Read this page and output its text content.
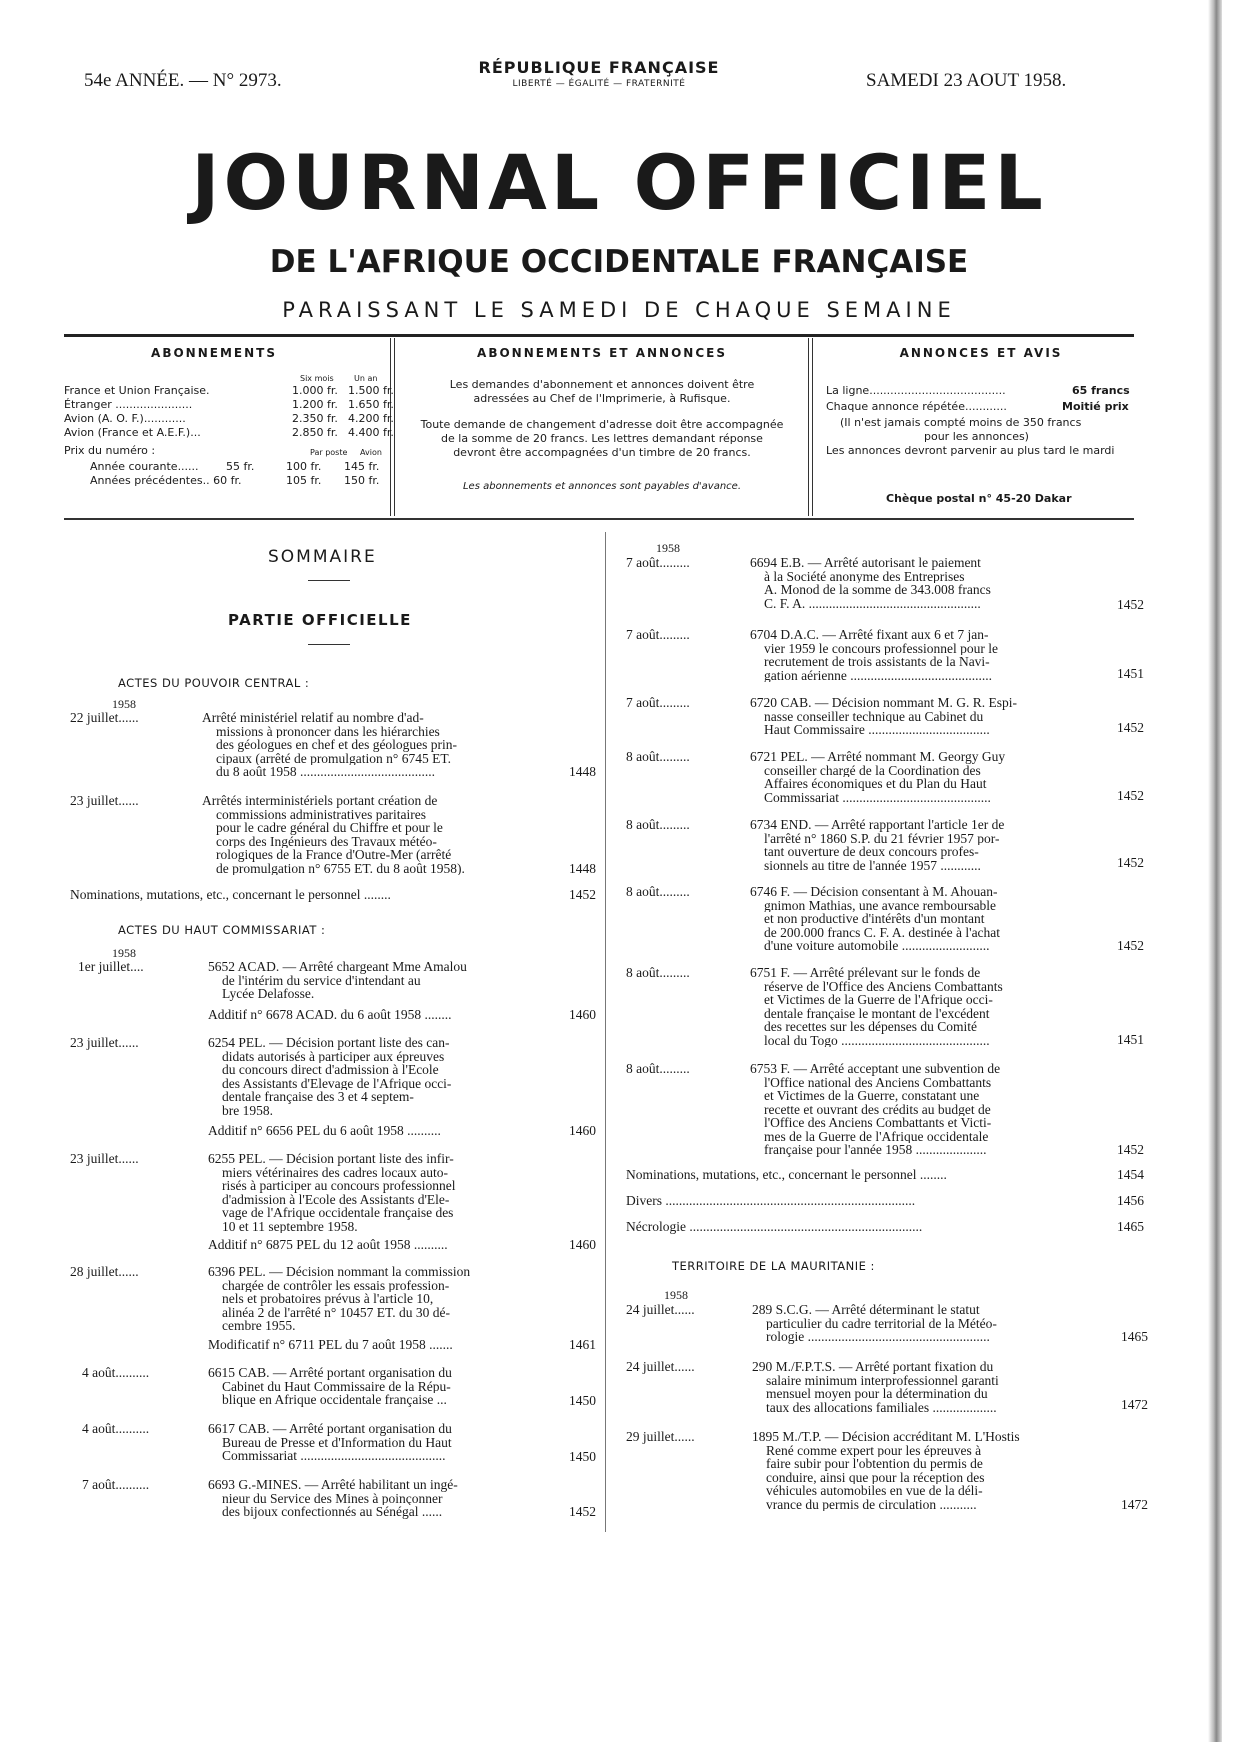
54e ANNÉE. — N° 2973.
RÉPUBLIQUE FRANÇAISE
LIBERTÉ — ÉGALITÉ — FRATERNITÉ	SAMEDI 23 AOUT 1958.
JOURNAL OFFICIEL
DE L'AFRIQUE OCCIDENTALE FRANÇAISE
PARAISSANT LE SAMEDI DE CHAQUE SEMAINE
ABONNEMENTS
Six mois	Un an
France et Union Française.	1.000 fr. 1.500 fr.
Étranger ......................	1.200 fr. 1.650 fr.
Avion (A. O. F.)............	2.350 fr. 4.200 fr.
Avion (France et A.E.F.)...	2.850 fr. 4.400 fr.
Prix du numéro :	Par poste Avion
Année courante...... 55 fr.	100 fr. 145 fr.
Années précédentes.. 60 fr.	105 fr. 150 fr.
ABONNEMENTS ET ANNONCES
Les demandes d'abonnement et annonces doivent être
adressées au Chef de l'Imprimerie, à Rufisque.
Toute demande de changement d'adresse doit être accompagnée
de la somme de 20 francs. Les lettres demandant réponse
devront être accompagnées d'un timbre de 20 francs.
Les abonnements et annonces sont payables d'avance.
ANNONCES ET AVIS
La ligne.......................................	65 francs
Chaque annonce répétée............	Moitié prix
(Il n'est jamais compté moins de 350 francs
pour les annonces)
Les annonces devront parvenir au plus tard le mardi
Chèque postal n° 45-20 Dakar
SOMMAIRE
PARTIE OFFICIELLE
ACTES DU POUVOIR CENTRAL :
1958
22 juillet......	Arrêté ministériel relatif au nombre d'ad-
missions à prononcer dans les hiérarchies
des géologues en chef et des géologues prin-
cipaux (arrêté de promulgation n° 6745 ET.
du 8 août 1958 ........................................	1448
23 juillet......	Arrêtés interministériels portant création de
commissions administratives paritaires
pour le cadre général du Chiffre et pour le
corps des Ingénieurs des Travaux météo-
rologiques de la France d'Outre-Mer (arrêté
de promulgation n° 6755 ET. du 8 août 1958).	1448
Nominations, mutations, etc., concernant le personnel ........	1452
ACTES DU HAUT COMMISSARIAT :
1958
1er juillet....	5652 ACAD. — Arrêté chargeant Mme Amalou
de l'intérim du service d'intendant au
Lycée Delafosse.
Additif n° 6678 ACAD. du 6 août 1958 ........	1460
23 juillet......	6254 PEL. — Décision portant liste des can-
didats autorisés à participer aux épreuves
du concours direct d'admission à l'Ecole
des Assistants d'Elevage de l'Afrique occi-
dentale française des 3 et 4 septem-
bre 1958.
Additif n° 6656 PEL du 6 août 1958 ..........	1460
23 juillet......	6255 PEL. — Décision portant liste des infir-
miers vétérinaires des cadres locaux auto-
risés à participer au concours professionnel
d'admission à l'Ecole des Assistants d'Ele-
vage de l'Afrique occidentale française des
10 et 11 septembre 1958.
Additif n° 6875 PEL du 12 août 1958 ..........	1460
28 juillet......	6396 PEL. — Décision nommant la commission
chargée de contrôler les essais profession-
nels et probatoires prévus à l'article 10,
alinéa 2 de l'arrêté n° 10457 ET. du 30 dé-
cembre 1955.
Modificatif n° 6711 PEL du 7 août 1958 .......	1461
4 août..........	6615 CAB. — Arrêté portant organisation du
Cabinet du Haut Commissaire de la Répu-
blique en Afrique occidentale française ...	1450
4 août..........	6617 CAB. — Arrêté portant organisation du
Bureau de Presse et d'Information du Haut
Commissariat ...........................................	1450
7 août..........	6693 G.-MINES. — Arrêté habilitant un ingé-
nieur du Service des Mines à poinçonner
des bijoux confectionnés au Sénégal ......	1452
1958
7 août.........	6694 E.B. — Arrêté autorisant le paiement
à la Société anonyme des Entreprises
A. Monod de la somme de 343.008 francs
C. F. A. ...................................................	1452
7 août.........	6704 D.A.C. — Arrêté fixant aux 6 et 7 jan-
vier 1959 le concours professionnel pour le
recrutement de trois assistants de la Navi-
gation aérienne ..........................................	1451
7 août.........	6720 CAB. — Décision nommant M. G. R. Espi-
nasse conseiller technique au Cabinet du
Haut Commissaire ....................................	1452
8 août.........	6721 PEL. — Arrêté nommant M. Georgy Guy
conseiller chargé de la Coordination des
Affaires économiques et du Plan du Haut
Commissariat ............................................	1452
8 août.........	6734 END. — Arrêté rapportant l'article 1er de
l'arrêté n° 1860 S.P. du 21 février 1957 por-
tant ouverture de deux concours profes-
sionnels au titre de l'année 1957 ............	1452
8 août.........	6746 F. — Décision consentant à M. Ahouan-
gnimon Mathias, une avance remboursable
et non productive d'intérêts d'un montant
de 200.000 francs C. F. A. destinée à l'achat
d'une voiture automobile ..........................	1452
8 août.........	6751 F. — Arrêté prélevant sur le fonds de
réserve de l'Office des Anciens Combattants
et Victimes de la Guerre de l'Afrique occi-
dentale française le montant de l'excédent
des recettes sur les dépenses du Comité
local du Togo ............................................	1451
8 août.........	6753 F. — Arrêté acceptant une subvention de
l'Office national des Anciens Combattants
et Victimes de la Guerre, constatant une
recette et ouvrant des crédits au budget de
l'Office des Anciens Combattants et Victi-
mes de la Guerre de l'Afrique occidentale
française pour l'année 1958 .....................	1452
Nominations, mutations, etc., concernant le personnel ........	1454
Divers ..........................................................................	1456
Nécrologie .....................................................................	1465
TERRITOIRE DE LA MAURITANIE :
1958
24 juillet......	289 S.C.G. — Arrêté déterminant le statut
particulier du cadre territorial de la Météo-
rologie ......................................................	1465
24 juillet......	290 M./F.P.T.S. — Arrêté portant fixation du
salaire minimum interprofessionnel garanti
mensuel moyen pour la détermination du
taux des allocations familiales ...................	1472
29 juillet......	1895 M./T.P. — Décision accréditant M. L'Hostis
René comme expert pour les épreuves à
faire subir pour l'obtention du permis de
conduire, ainsi que pour la réception des
véhicules automobiles en vue de la déli-
vrance du permis de circulation ...........	1472
